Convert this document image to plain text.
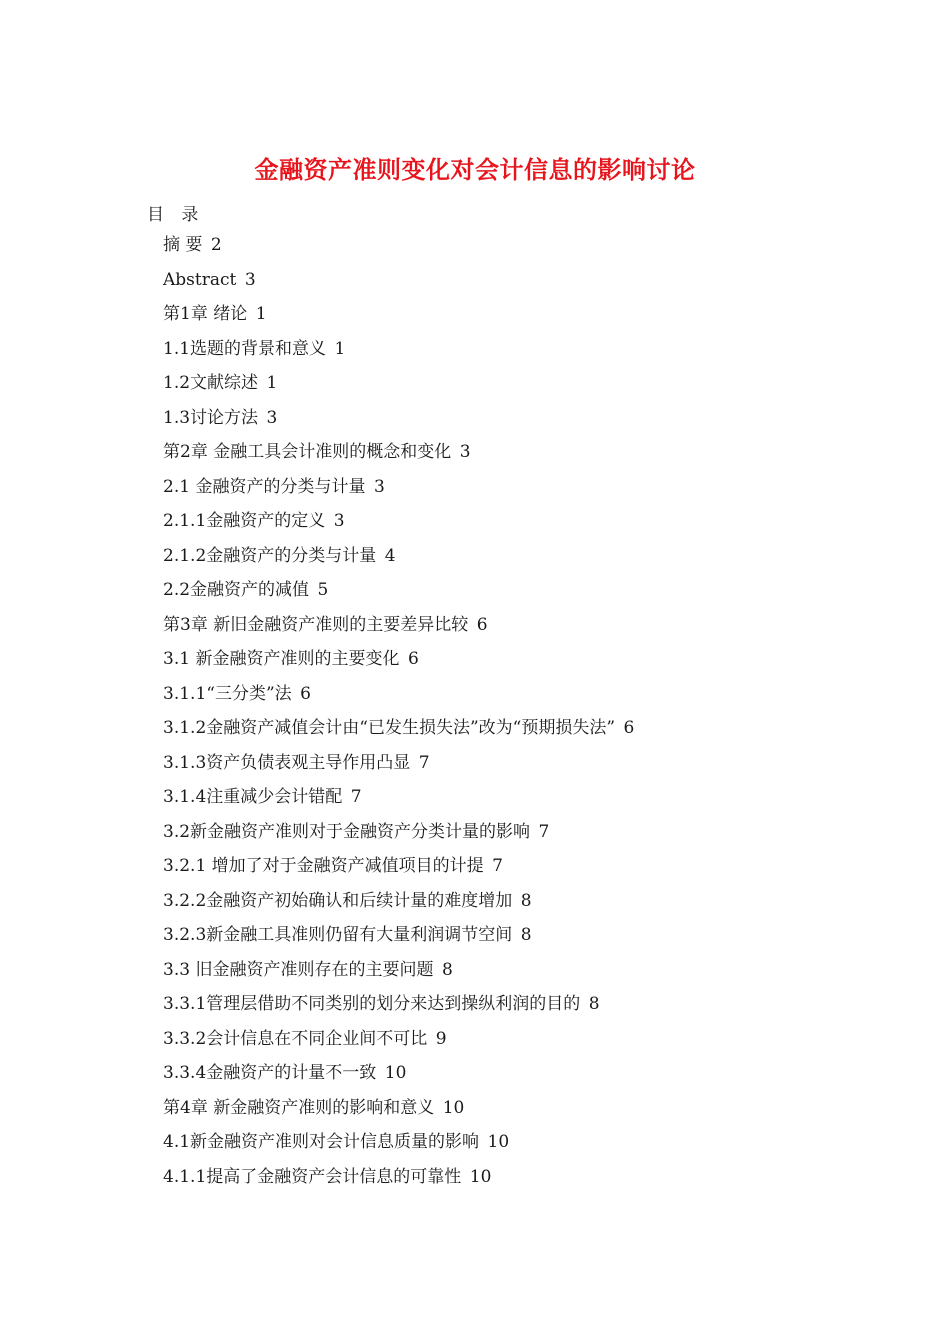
金融资产准则变化对会计信息的影响讨论
目 录
摘 要 2
Abstract 3
第1章 绪论 1
1.1选题的背景和意义 1
1.2文献综述 1
1.3讨论方法 3
第2章 金融工具会计准则的概念和变化 3
2.1 金融资产的分类与计量 3
2.1.1金融资产的定义 3
2.1.2金融资产的分类与计量 4
2.2金融资产的减值 5
第3章 新旧金融资产准则的主要差异比较 6
3.1 新金融资产准则的主要变化 6
3.1.1“三分类”法 6
3.1.2金融资产减值会计由“已发生损失法”改为“预期损失法” 6
3.1.3资产负债表观主导作用凸显 7
3.1.4注重减少会计错配 7
3.2新金融资产准则对于金融资产分类计量的影响 7
3.2.1 增加了对于金融资产减值项目的计提 7
3.2.2金融资产初始确认和后续计量的难度增加 8
3.2.3新金融工具准则仍留有大量利润调节空间 8
3.3 旧金融资产准则存在的主要问题 8
3.3.1管理层借助不同类别的划分来达到操纵利润的目的 8
3.3.2会计信息在不同企业间不可比 9
3.3.4金融资产的计量不一致 10
第4章 新金融资产准则的影响和意义 10
4.1新金融资产准则对会计信息质量的影响 10
4.1.1提高了金融资产会计信息的可靠性 10
